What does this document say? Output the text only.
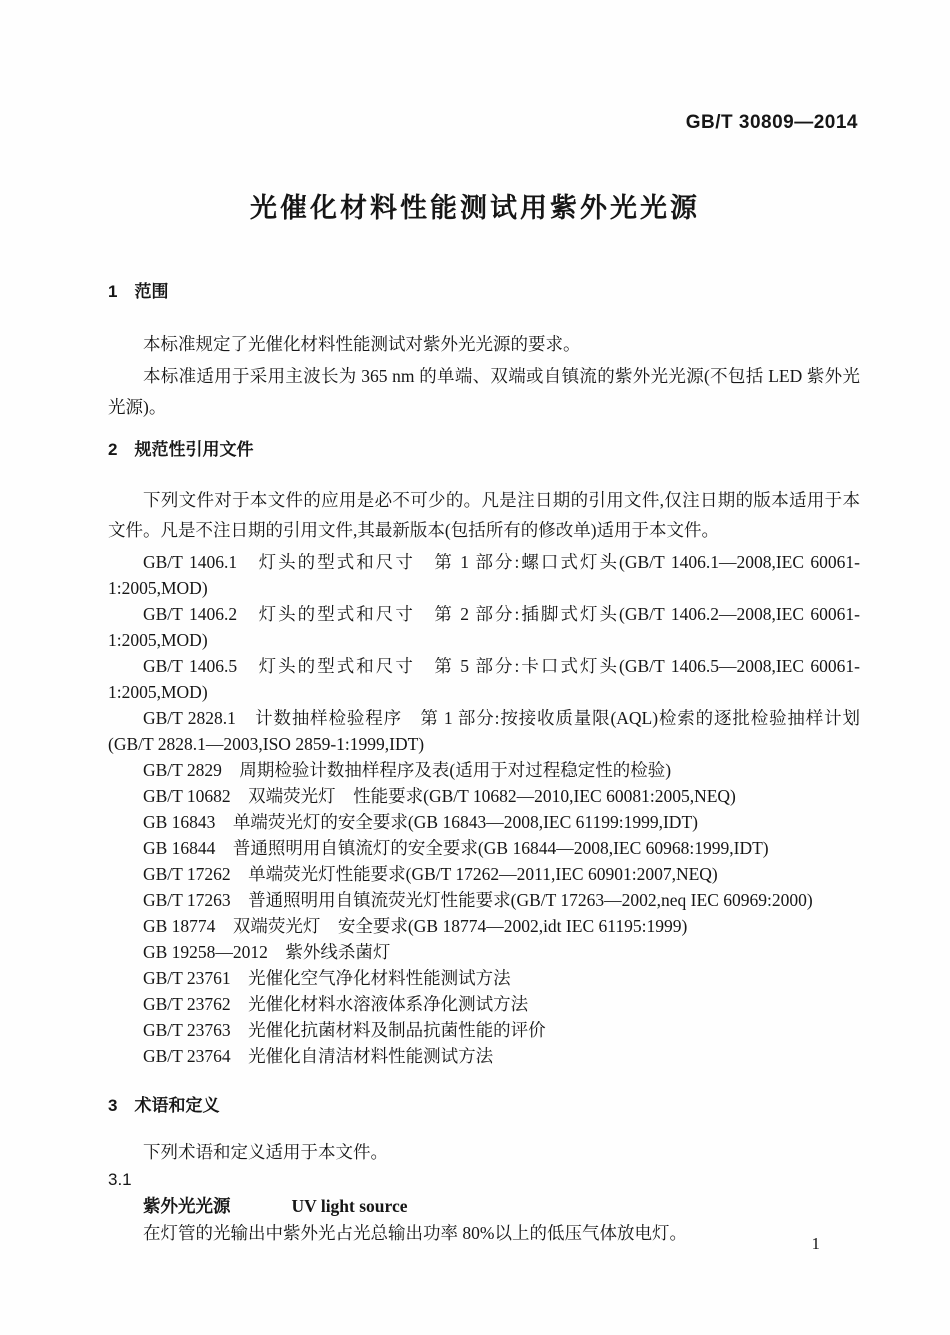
GB/T 30809—2014
光催化材料性能测试用紫外光光源
1 范围

本标准规定了光催化材料性能测试对紫外光光源的要求。

本标准适用于采用主波长为 365 nm 的单端、双端或自镇流的紫外光光源(不包括 LED 紫外光光源)。

2 规范性引用文件

下列文件对于本文件的应用是必不可少的。凡是注日期的引用文件,仅注日期的版本适用于本文件。凡是不注日期的引用文件,其最新版本(包括所有的修改单)适用于本文件。

GB/T 1406.1　灯头的型式和尺寸　第 1 部分:螺口式灯头(GB/T 1406.1—2008,IEC 60061-1:2005,MOD)

GB/T 1406.2　灯头的型式和尺寸　第 2 部分:插脚式灯头(GB/T 1406.2—2008,IEC 60061-1:2005,MOD)

GB/T 1406.5　灯头的型式和尺寸　第 5 部分:卡口式灯头(GB/T 1406.5—2008,IEC 60061-1:2005,MOD)

GB/T 2828.1　计数抽样检验程序　第 1 部分:按接收质量限(AQL)检索的逐批检验抽样计划(GB/T 2828.1—2003,ISO 2859-1:1999,IDT)

GB/T 2829　周期检验计数抽样程序及表(适用于对过程稳定性的检验)

GB/T 10682　双端荧光灯　性能要求(GB/T 10682—2010,IEC 60081:2005,NEQ)

GB 16843　单端荧光灯的安全要求(GB 16843—2008,IEC 61199:1999,IDT)

GB 16844　普通照明用自镇流灯的安全要求(GB 16844—2008,IEC 60968:1999,IDT)

GB/T 17262　单端荧光灯性能要求(GB/T 17262—2011,IEC 60901:2007,NEQ)

GB/T 17263　普通照明用自镇流荧光灯性能要求(GB/T 17263—2002,neq IEC 60969:2000)

GB 18774　双端荧光灯　安全要求(GB 18774—2002,idt IEC 61195:1999)

GB 19258—2012　紫外线杀菌灯

GB/T 23761　光催化空气净化材料性能测试方法

GB/T 23762　光催化材料水溶液体系净化测试方法

GB/T 23763　光催化抗菌材料及制品抗菌性能的评价

GB/T 23764　光催化自清洁材料性能测试方法

3 术语和定义

下列术语和定义适用于本文件。

3.1

紫外光光源	UV light source

在灯管的光输出中紫外光占光总输出功率 80%以上的低压气体放电灯。

1
